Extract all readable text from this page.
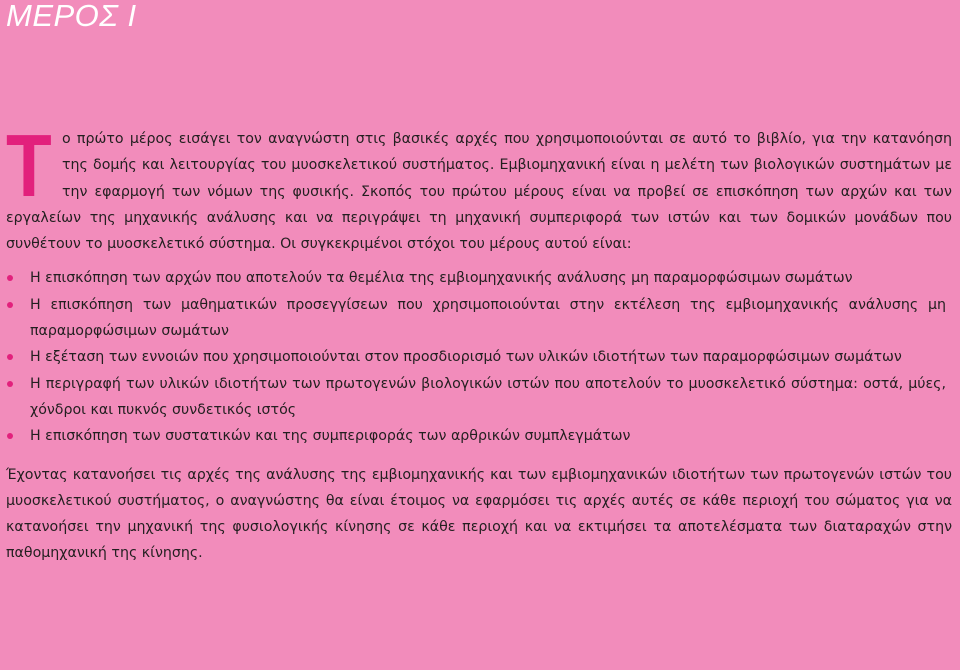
ΜΕΡΟΣ Ι

Το πρώτο μέρος εισάγει τον αναγνώστη στις βασικές αρχές που χρησιμοποιούνται σε αυτό το βιβλίο, για την κατανόηση της δομής και λειτουργίας του μυοσκελετικού συστήματος. Εμβιομηχανική είναι η μελέτη των βιολογικών συστημάτων με την εφαρμογή των νόμων της φυσικής. Σκοπός του πρώτου μέρους είναι να προβεί σε επισκόπηση των αρχών και των εργαλείων της μηχανικής ανάλυσης και να περιγράψει τη μηχανική συμπεριφορά των ιστών και των δομικών μονάδων που συνθέτουν το μυοσκελετικό σύστημα. Οι συγκεκριμένοι στόχοι του μέρους αυτού είναι:

Η επισκόπηση των αρχών που αποτελούν τα θεμέλια της εμβιομηχανικής ανάλυσης μη παραμορφώσιμων σωμάτων
Η επισκόπηση των μαθηματικών προσεγγίσεων που χρησιμοποιούνται στην εκτέλεση της εμβιομηχανικής ανάλυσης μη παραμορφώσιμων σωμάτων
Η εξέταση των εννοιών που χρησιμοποιούνται στον προσδιορισμό των υλικών ιδιοτήτων των παραμορφώσιμων σωμάτων
Η περιγραφή των υλικών ιδιοτήτων των πρωτογενών βιολογικών ιστών που αποτελούν το μυοσκελετικό σύστημα: οστά, μύες, χόνδροι και πυκνός συνδετικός ιστός
Η επισκόπηση των συστατικών και της συμπεριφοράς των αρθρικών συμπλεγμάτων

Έχοντας κατανοήσει τις αρχές της ανάλυσης της εμβιομηχανικής και των εμβιομηχανικών ιδιοτήτων των πρωτογενών ιστών του μυοσκελετικού συστήματος, ο αναγνώστης θα είναι έτοιμος να εφαρμόσει τις αρχές αυτές σε κάθε περιοχή του σώματος για να κατανοήσει την μηχανική της φυσιολογικής κίνησης σε κάθε περιοχή και να εκτιμήσει τα αποτελέσματα των διαταραχών στην παθομηχανική της κίνησης.
